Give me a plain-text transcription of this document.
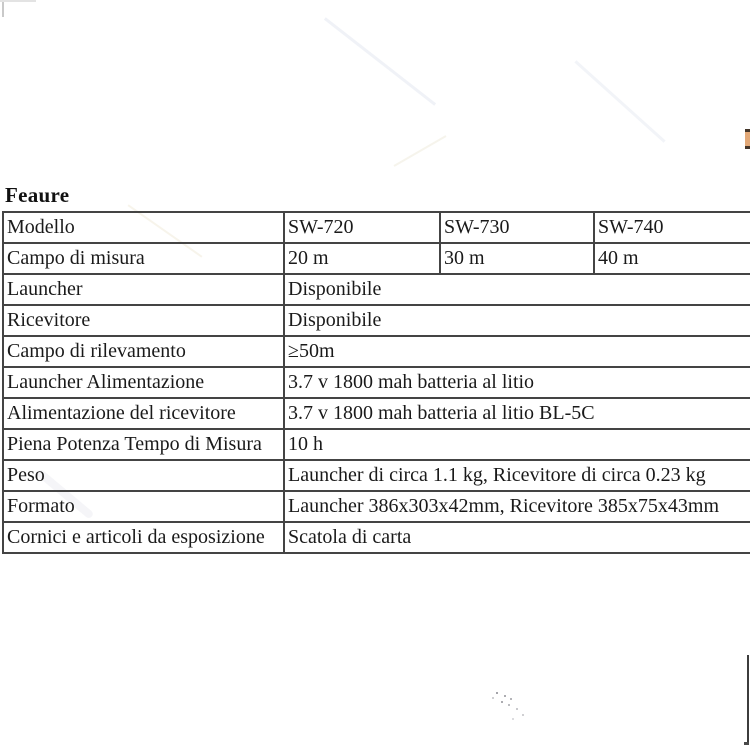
Feaure
Modello	SW-720	SW-730	SW-740
Campo di misura	20 m	30 m	40 m
Launcher	Disponibile		
Ricevitore	Disponibile		
Campo di rilevamento	≥50m		
Launcher Alimentazione	3.7 v 1800 mah batteria al litio		
Alimentazione del ricevitore	3.7 v 1800 mah batteria al litio BL-5C		
Piena Potenza Tempo di Misura	10 h		
Peso	Launcher di circa 1.1 kg, Ricevitore di circa 0.23 kg		
Formato	Launcher 386x303x42mm, Ricevitore 385x75x43mm		
Cornici e articoli da esposizione	Scatola di carta		
